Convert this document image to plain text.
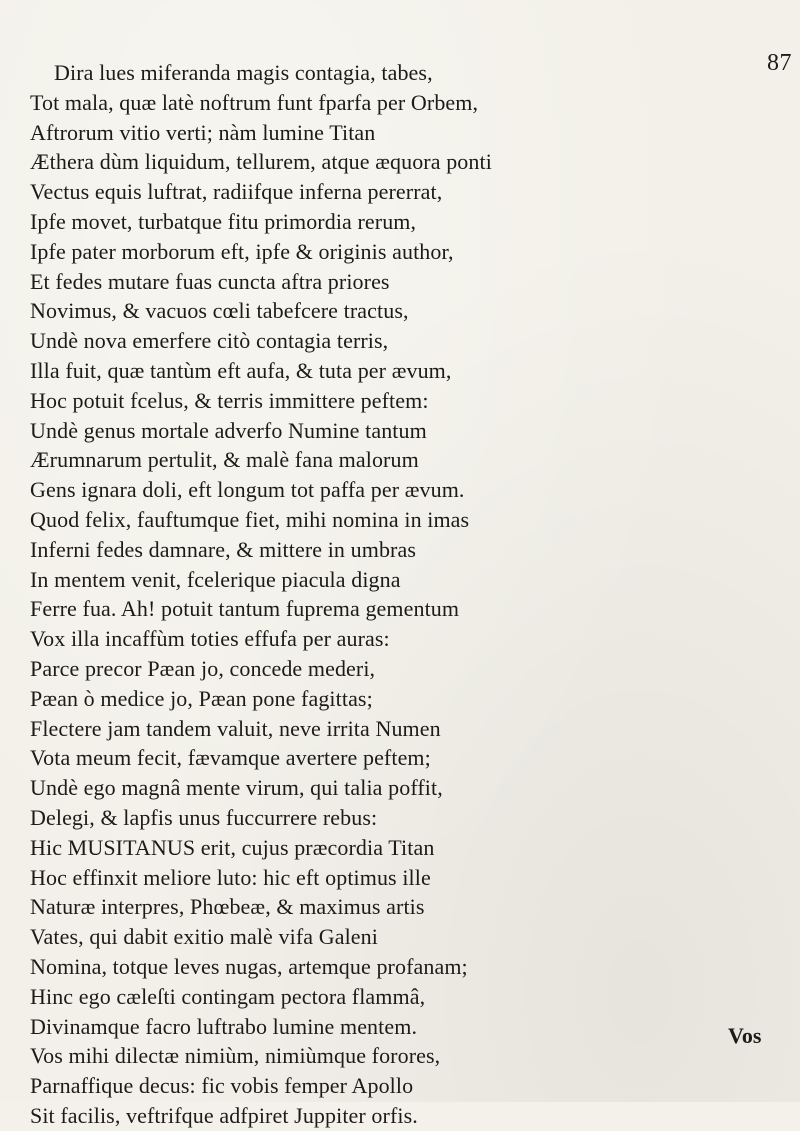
87
Dira lues miferanda magis contagia, tabes,
Tot mala, quæ latè noftrum funt fparfa per Orbem,
Aftrorum vitio verti; nàm lumine Titan
Æthera dùm liquidum, tellurem, atque æquora ponti
Vectus equis luftrat, radiifque inferna pererrat,
Ipfe movet, turbatque fitu primordia rerum,
Ipfe pater morborum eft, ipfe & originis author,
Et fedes mutare fuas cuncta aftra priores
Novimus, & vacuos cœli tabefcere tractus,
Undè nova emerfere citò contagia terris,
Illa fuit, quæ tantùm eft aufa, & tuta per ævum,
Hoc potuit fcelus, & terris immittere peftem:
Undè genus mortale adverfo Numine tantum
Ærumnarum pertulit, & malè fana malorum
Gens ignara doli, eft longum tot paffa per ævum.
Quod felix, fauftumque fiet, mihi nomina in imas
Inferni fedes damnare, & mittere in umbras
In mentem venit, fcelerique piacula digna
Ferre fua. Ah! potuit tantum fuprema gementum
Vox illa incaffùm toties effufa per auras:
Parce precor Pæan jo, concede mederi,
Pæan ò medice jo, Pæan pone fagittas;
Flectere jam tandem valuit, neve irrita Numen
Vota meum fecit, fævamque avertere peftem;
Undè ego magnâ mente virum, qui talia poffit,
Delegi, & lapfis unus fuccurrere rebus:
Hic MUSITANUS erit, cujus præcordia Titan
Hoc effinxit meliore luto: hic eft optimus ille
Naturæ interpres, Phœbeæ, & maximus artis
Vates, qui dabit exitio malè vifa Galeni
Nomina, totque leves nugas, artemque profanam;
Hinc ego cæleſti contingam pectora flammâ,
Divinamque facro luftrabo lumine mentem.
Vos mihi dilectæ nimiùm, nimiùmque forores,
Parnaffique decus: fic vobis femper Apollo
Sit facilis, veftrifque adfpiret Juppiter orfis.
Vos
